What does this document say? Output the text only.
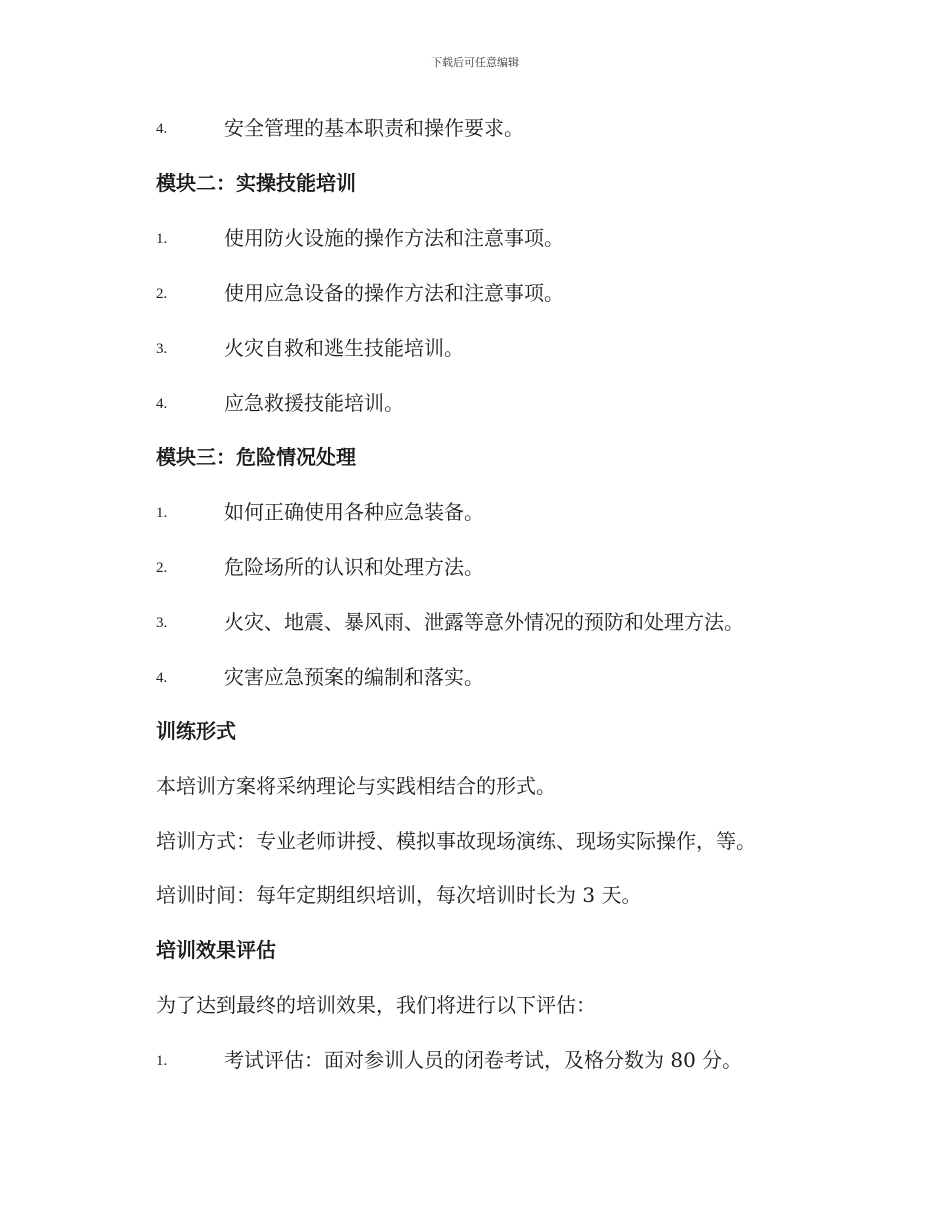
下载后可任意编辑
4.	安全管理的基本职责和操作要求。
模块二：实操技能培训
1.	使用防火设施的操作方法和注意事项。
2.	使用应急设备的操作方法和注意事项。
3.	火灾自救和逃生技能培训。
4.	应急救援技能培训。
模块三：危险情况处理
1.	如何正确使用各种应急装备。
2.	危险场所的认识和处理方法。
3.	火灾、地震、暴风雨、泄露等意外情况的预防和处理方法。
4.	灾害应急预案的编制和落实。
训练形式
本培训方案将采纳理论与实践相结合的形式。
培训方式：专业老师讲授、模拟事故现场演练、现场实际操作，等。
培训时间：每年定期组织培训，每次培训时长为 3 天。
培训效果评估
为了达到最终的培训效果，我们将进行以下评估：
1.	考试评估：面对参训人员的闭卷考试，及格分数为 80 分。
